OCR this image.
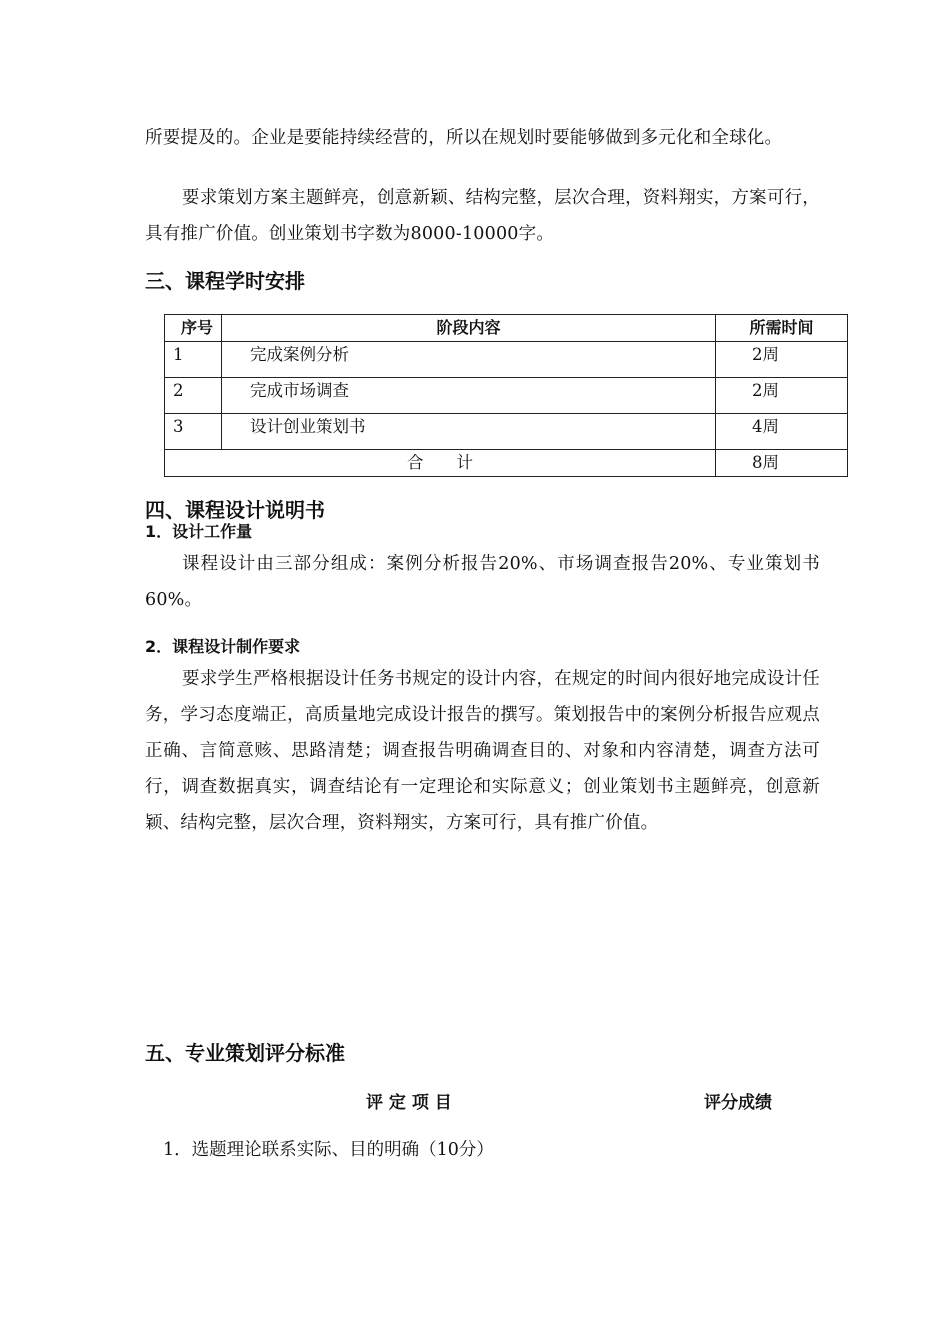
所要提及的。企业是要能持续经营的，所以在规划时要能够做到多元化和全球化。

要求策划方案主题鲜亮，创意新颖、结构完整，层次合理，资料翔实，方案可行，具有推广价值。创业策划书字数为8000-10000字。

三、课程学时安排
序号	阶段内容	所需时间
1	完成案例分析	2周
2	完成市场调查	2周
3	设计创业策划书	4周
合　　计		8周
四、课程设计说明书
1．设计工作量

课程设计由三部分组成：案例分析报告20%、市场调查报告20%、专业策划书60%。

2．课程设计制作要求

要求学生严格根据设计任务书规定的设计内容，在规定的时间内很好地完成设计任务，学习态度端正，高质量地完成设计报告的撰写。策划报告中的案例分析报告应观点正确、言简意赅、思路清楚；调查报告明确调查目的、对象和内容清楚，调查方法可行，调查数据真实，调查结论有一定理论和实际意义；创业策划书主题鲜亮，创意新颖、结构完整，层次合理，资料翔实，方案可行，具有推广价值。

五、专业策划评分标准

评 定 项 目	评分成绩

1．选题理论联系实际、目的明确（10分）
